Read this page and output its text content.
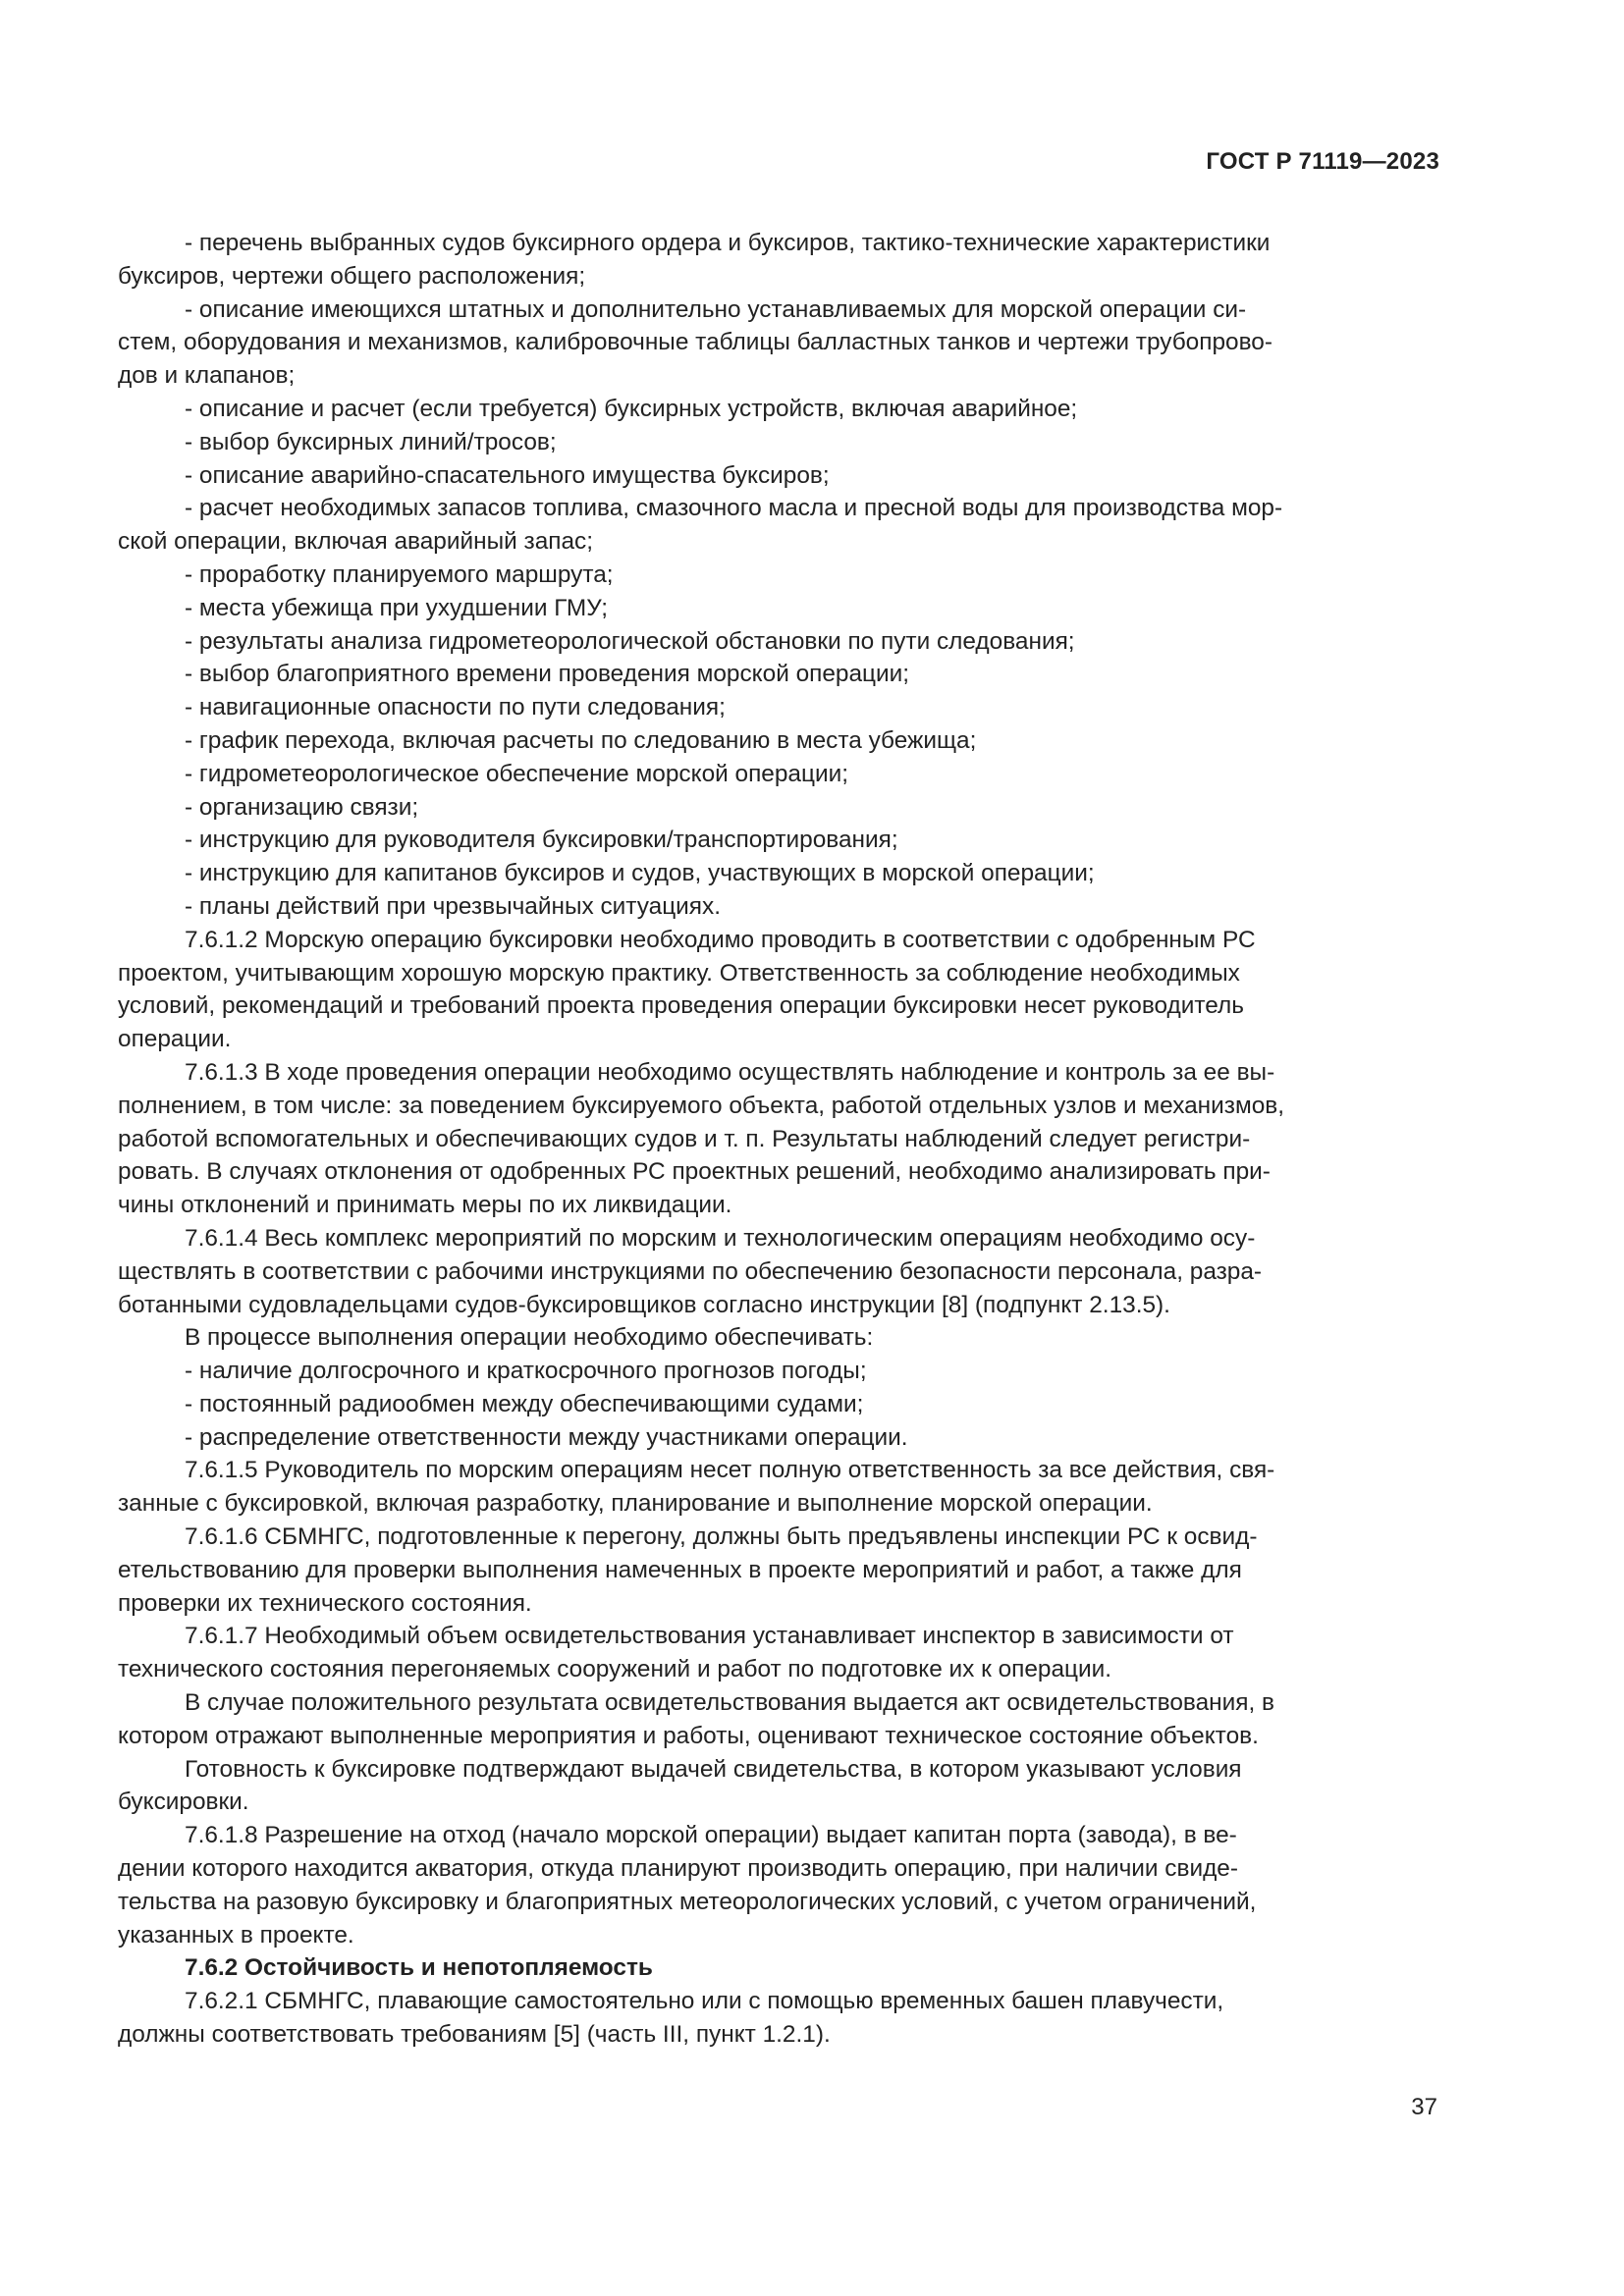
ГОСТ Р 71119—2023

- перечень выбранных судов буксирного ордера и буксиров, тактико-технические характеристики
буксиров, чертежи общего расположения;

- описание имеющихся штатных и дополнительно устанавливаемых для морской операции си-
стем, оборудования и механизмов, калибровочные таблицы балластных танков и чертежи трубопрово-
дов и клапанов;

- описание и расчет (если требуется) буксирных устройств, включая аварийное;

- выбор буксирных линий/тросов;

- описание аварийно-спасательного имущества буксиров;

- расчет необходимых запасов топлива, смазочного масла и пресной воды для производства мор-
ской операции, включая аварийный запас;

- проработку планируемого маршрута;

- места убежища при ухудшении ГМУ;

- результаты анализа гидрометеорологической обстановки по пути следования;

- выбор благоприятного времени проведения морской операции;

- навигационные опасности по пути следования;

- график перехода, включая расчеты по следованию в места убежища;

- гидрометеорологическое обеспечение морской операции;

- организацию связи;

- инструкцию для руководителя буксировки/транспортирования;

- инструкцию для капитанов буксиров и судов, участвующих в морской операции;

- планы действий при чрезвычайных ситуациях.

7.6.1.2 Морскую операцию буксировки необходимо проводить в соответствии с одобренным РС
проектом, учитывающим хорошую морскую практику. Ответственность за соблюдение необходимых
условий, рекомендаций и требований проекта проведения операции буксировки несет руководитель
операции.

7.6.1.3 В ходе проведения операции необходимо осуществлять наблюдение и контроль за ее вы-
полнением, в том числе: за поведением буксируемого объекта, работой отдельных узлов и механизмов,
работой вспомогательных и обеспечивающих судов и т. п. Результаты наблюдений следует регистри-
ровать. В случаях отклонения от одобренных РС проектных решений, необходимо анализировать при-
чины отклонений и принимать меры по их ликвидации.

7.6.1.4 Весь комплекс мероприятий по морским и технологическим операциям необходимо осу-
ществлять в соответствии с рабочими инструкциями по обеспечению безопасности персонала, разра-
ботанными судовладельцами судов-буксировщиков согласно инструкции [8] (подпункт 2.13.5).

В процессе выполнения операции необходимо обеспечивать:

- наличие долгосрочного и краткосрочного прогнозов погоды;

- постоянный радиообмен между обеспечивающими судами;

- распределение ответственности между участниками операции.

7.6.1.5 Руководитель по морским операциям несет полную ответственность за все действия, свя-
занные с буксировкой, включая разработку, планирование и выполнение морской операции.

7.6.1.6 СБМНГС, подготовленные к перегону, должны быть предъявлены инспекции РС к освид-
етельствованию для проверки выполнения намеченных в проекте мероприятий и работ, а также для
проверки их технического состояния.

7.6.1.7 Необходимый объем освидетельствования устанавливает инспектор в зависимости от
технического состояния перегоняемых сооружений и работ по подготовке их к операции.

В случае положительного результата освидетельствования выдается акт освидетельствования, в
котором отражают выполненные мероприятия и работы, оценивают техническое состояние объектов.

Готовность к буксировке подтверждают выдачей свидетельства, в котором указывают условия
буксировки.

7.6.1.8 Разрешение на отход (начало морской операции) выдает капитан порта (завода), в ве-
дении которого находится акватория, откуда планируют производить операцию, при наличии свиде-
тельства на разовую буксировку и благоприятных метеорологических условий, с учетом ограничений,
указанных в проекте.

7.6.2 Остойчивость и непотопляемость

7.6.2.1 СБМНГС, плавающие самостоятельно или с помощью временных башен плавучести,
должны соответствовать требованиям [5] (часть III, пункт 1.2.1).

37
